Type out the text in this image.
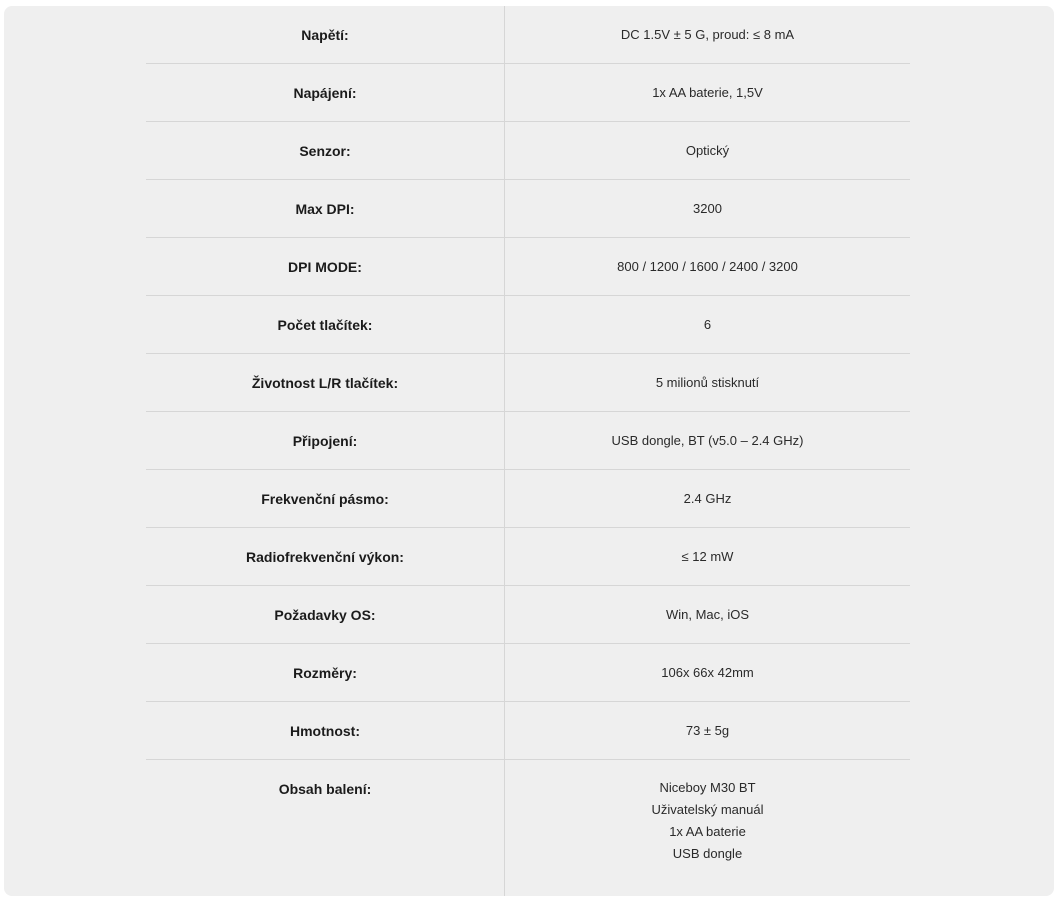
Napětí:	DC 1.5V ± 5 G, proud: ≤ 8 mA
Napájení:	1x AA baterie, 1,5V
Senzor:	Optický
Max DPI:	3200
DPI MODE:	800 / 1200 / 1600 / 2400 / 3200
Počet tlačítek:	6
Životnost L/R tlačítek:	5 milionů stisknutí
Připojení:	USB dongle, BT (v5.0 – 2.4 GHz)
Frekvenční pásmo:	2.4 GHz
Radiofrekvenční výkon:	≤ 12 mW
Požadavky OS:	Win, Mac, iOS
Rozměry:	106x 66x 42mm
Hmotnost:	73 ± 5g
Obsah balení:	Niceboy M30 BT
Uživatelský manuál
1x AA baterie
USB dongle
